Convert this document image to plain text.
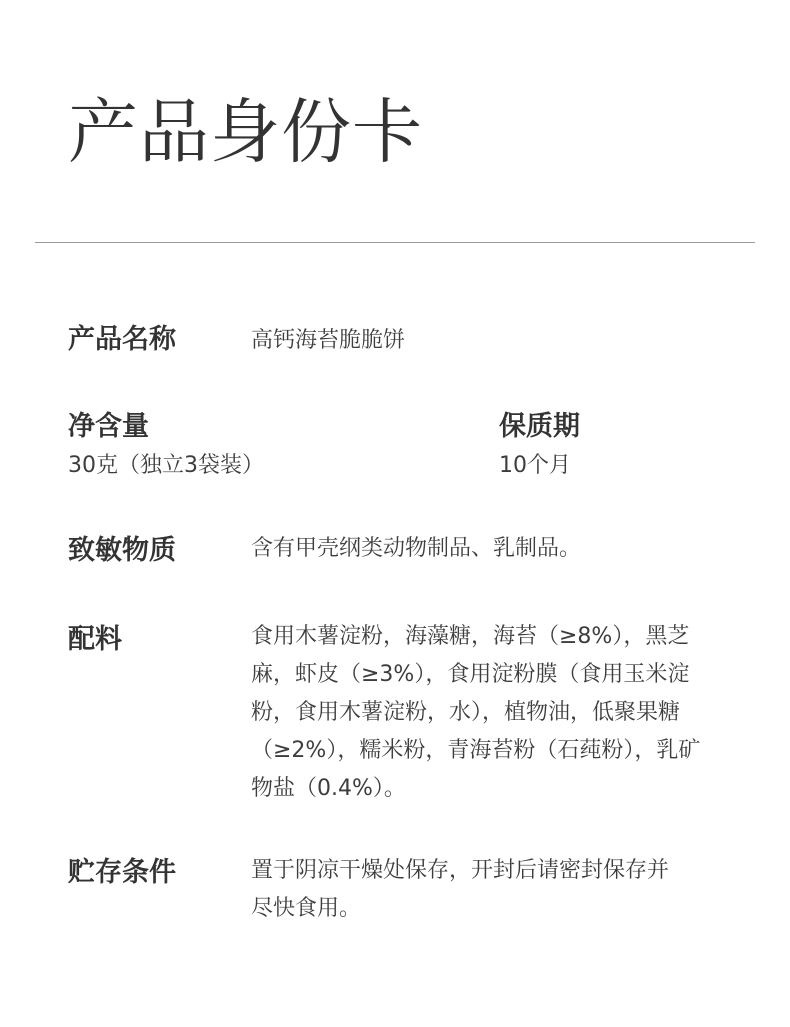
产品身份卡
产品名称	高钙海苔脆脆饼
净含量
30克（独立3袋装）
保质期
10个月
致敏物质	含有甲壳纲类动物制品、乳制品。
配料	食用木薯淀粉，海藻糖，海苔（≥8%），黑芝
麻，虾皮（≥3%），食用淀粉膜（食用玉米淀
粉，食用木薯淀粉，水），植物油，低聚果糖
（≥2%），糯米粉，青海苔粉（石莼粉），乳矿
物盐（0.4%）。
贮存条件	置于阴凉干燥处保存，开封后请密封保存并
尽快食用。
